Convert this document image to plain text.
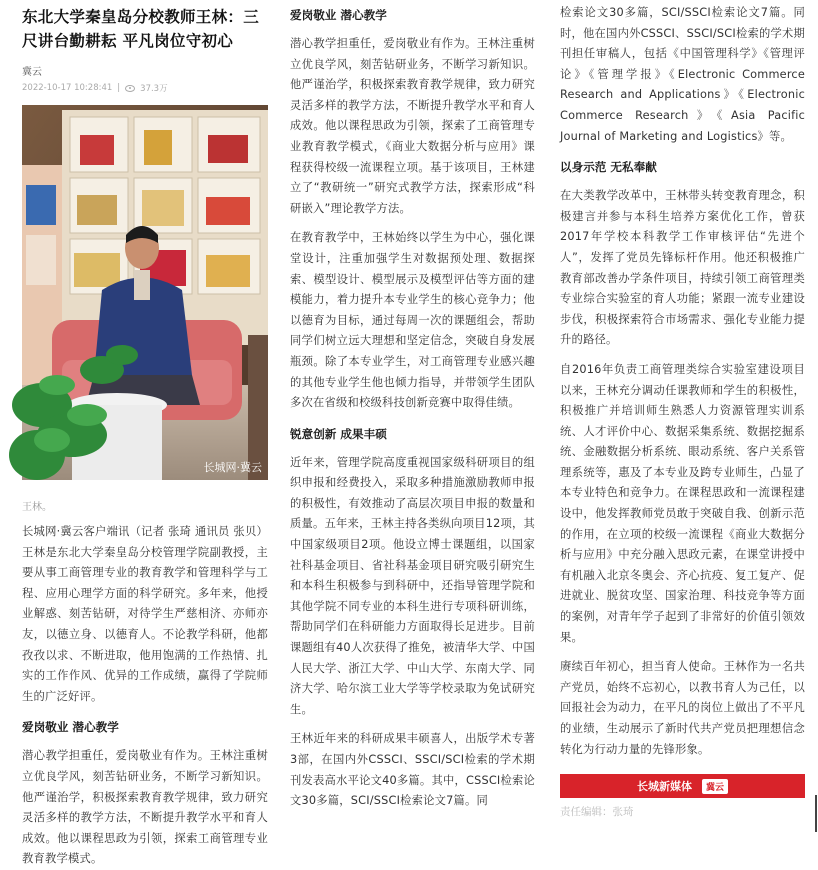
东北大学秦皇岛分校教师王林：三尺讲台勤耕耘 平凡岗位守初心
冀云
2022-10-17 10:28:41 | 37.3万
长城网·冀云
王林。

长城网·冀云客户端讯（记者 张琦 通讯员 张贝）王林是东北大学秦皇岛分校管理学院副教授，主要从事工商管理专业的教育教学和管理科学与工程、应用心理学方面的科学研究。多年来，他授业解惑、刻苦钻研，对待学生严慈相济、亦师亦友，以德立身、以德育人。不论教学科研，他都孜孜以求、不断进取，他用饱满的工作热情、扎实的工作作风、优异的工作成绩，赢得了学院师生的广泛好评。

爱岗敬业 潜心教学

潜心教学担重任，爱岗敬业有作为。王林注重树立优良学风，刻苦钻研业务，不断学习新知识。他严谨治学，积极探索教育教学规律，致力研究灵活多样的教学方法，不断提升教学水平和育人成效。他以课程思政为引领，探索工商管理专业教育教学模式。

爱岗敬业 潜心教学

潜心教学担重任，爱岗敬业有作为。王林注重树立优良学风，刻苦钻研业务，不断学习新知识。他严谨治学，积极探索教育教学规律，致力研究灵活多样的教学方法，不断提升教学水平和育人成效。他以课程思政为引领，探索了工商管理专业教育教学模式，《商业大数据分析与应用》课程获得校级一流课程立项。基于该项目，王林建立了“教研统一”研究式教学方法，探索形成“科研嵌入”理论教学方法。

在教育教学中，王林始终以学生为中心，强化课堂设计，注重加强学生对数据预处理、数据探索、模型设计、模型展示及模型评估等方面的建模能力，着力提升本专业学生的核心竞争力；他以德育为目标，通过每周一次的课题组会，帮助同学们树立远大理想和坚定信念，突破自身发展瓶颈。除了本专业学生，对工商管理专业感兴趣的其他专业学生他也倾力指导，并带领学生团队多次在省级和校级科技创新竞赛中取得佳绩。

锐意创新 成果丰硕

近年来，管理学院高度重视国家级科研项目的组织申报和经费投入，采取多种措施激励教师申报的积极性，有效推动了高层次项目申报的数量和质量。五年来，王林主持各类纵向项目12项，其中国家级项目2项。他设立博士课题组，以国家社科基金项目、省社科基金项目研究吸引研究生和本科生积极参与到科研中，还指导管理学院和其他学院不同专业的本科生进行专项科研训练，帮助同学们在科研能力方面取得长足进步。目前课题组有40人次获得了推免，被清华大学、中国人民大学、浙江大学、中山大学、东南大学、同济大学、哈尔滨工业大学等学校录取为免试研究生。

王林近年来的科研成果丰硕喜人，出版学术专著3部，在国内外CSSCI、SSCI/SCI检索的学术期刊发表高水平论文40多篇。其中，CSSCI检索论文30多篇，SCI/SSCI检索论文7篇。同

检索论文30多篇，SCI/SSCI检索论文7篇。同时，他在国内外CSSCI、SSCI/SCI检索的学术期刊担任审稿人，包括《中国管理科学》《管理评论》《管理学报》《Electronic Commerce Research and Applications》《Electronic Commerce Research》《Asia Pacific Journal of Marketing and Logistics》等。

以身示范 无私奉献

在大类教学改革中，王林带头转变教育理念，积极建言并参与本科生培养方案优化工作，曾获2017年学校本科教学工作审核评估“先进个人”，发挥了党员先锋标杆作用。他还积极推广教育部改善办学条件项目，持续引领工商管理类专业综合实验室的育人功能；紧跟一流专业建设步伐，积极探索符合市场需求、强化专业能力提升的路径。

自2016年负责工商管理类综合实验室建设项目以来，王林充分调动任课教师和学生的积极性，积极推广并培训师生熟悉人力资源管理实训系统、人才评价中心、数据采集系统、数据挖掘系统、金融数据分析系统、眼动系统、客户关系管理系统等，惠及了本专业及跨专业师生，凸显了本专业特色和竞争力。在课程思政和一流课程建设中，他发挥教师党员敢于突破自我、创新示范的作用，在立项的校级一流课程《商业大数据分析与应用》中充分融入思政元素，在课堂讲授中有机融入北京冬奥会、齐心抗疫、复工复产、促进就业、脱贫攻坚、国家治理、科技竞争等方面的案例，对青年学子起到了非常好的价值引领效果。

赓续百年初心，担当育人使命。王林作为一名共产党员，始终不忘初心，以教书育人为己任，以回报社会为动力，在平凡的岗位上做出了不平凡的业绩，生动展示了新时代共产党员把理想信念转化为行动力量的先锋形象。

长城新媒体	冀云
责任编辑：张琦
